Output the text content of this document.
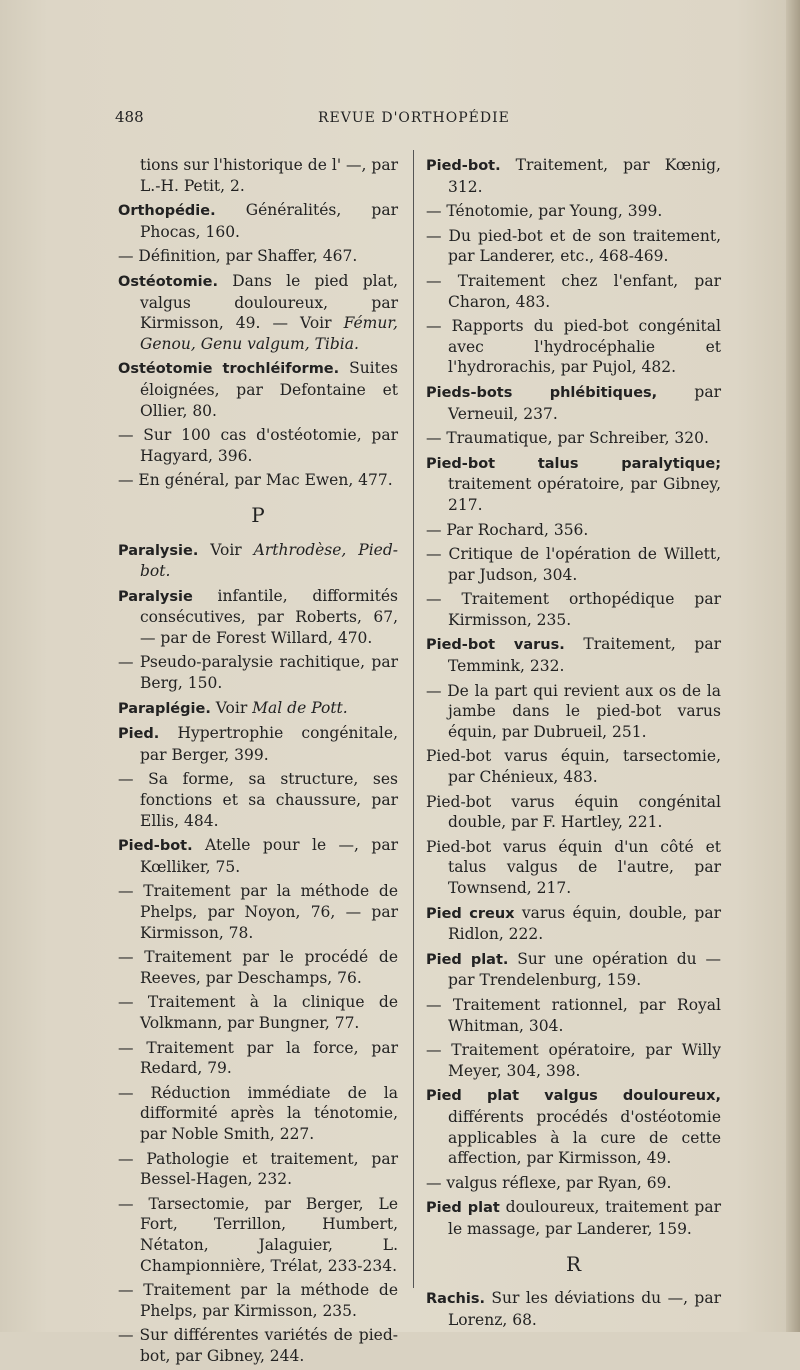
488	REVUE D'ORTHOPÉDIE

tions sur l'historique de l' —, par L.-H. Petit, 2.

Orthopédie. Généralités, par Phocas, 160.

— Définition, par Shaffer, 467.

Ostéotomie. Dans le pied plat, valgus douloureux, par Kirmisson, 49. — Voir Fémur, Genou, Genu valgum, Tibia.

Ostéotomie trochléiforme. Suites éloignées, par Defontaine et Ollier, 80.

— Sur 100 cas d'ostéotomie, par Hagyard, 396.

— En général, par Mac Ewen, 477.

P

Paralysie. Voir Arthrodèse, Pied-bot.

Paralysie infantile, difformités consécutives, par Roberts, 67, — par de Forest Willard, 470.

— Pseudo-paralysie rachitique, par Berg, 150.

Paraplégie. Voir Mal de Pott.

Pied. Hypertrophie congénitale, par Berger, 399.

— Sa forme, sa structure, ses fonctions et sa chaussure, par Ellis, 484.

Pied-bot. Atelle pour le —, par Kœlliker, 75.

— Traitement par la méthode de Phelps, par Noyon, 76, — par Kirmisson, 78.

— Traitement par le procédé de Reeves, par Deschamps, 76.

— Traitement à la clinique de Volkmann, par Bungner, 77.

— Traitement par la force, par Redard, 79.

— Réduction immédiate de la difformité après la ténotomie, par Noble Smith, 227.

— Pathologie et traitement, par Bessel-Hagen, 232.

— Tarsectomie, par Berger, Le Fort, Terrillon, Humbert, Nétaton, Jalaguier, L. Championnière, Trélat, 233-234.

— Traitement par la méthode de Phelps, par Kirmisson, 235.

— Sur différentes variétés de pied-bot, par Gibney, 244.

Pied-bot. Traitement, par Kœnig, 312.

— Ténotomie, par Young, 399.

— Du pied-bot et de son traitement, par Landerer, etc., 468-469.

— Traitement chez l'enfant, par Charon, 483.

— Rapports du pied-bot congénital avec l'hydrocéphalie et l'hydrorachis, par Pujol, 482.

Pieds-bots phlébitiques, par Verneuil, 237.

— Traumatique, par Schreiber, 320.

Pied-bot talus paralytique; traitement opératoire, par Gibney, 217.

— Par Rochard, 356.

— Critique de l'opération de Willett, par Judson, 304.

— Traitement orthopédique par Kirmisson, 235.

Pied-bot varus. Traitement, par Temmink, 232.

— De la part qui revient aux os de la jambe dans le pied-bot varus équin, par Dubrueil, 251.

Pied-bot varus équin, tarsectomie, par Chénieux, 483.

Pied-bot varus équin congénital double, par F. Hartley, 221.

Pied-bot varus équin d'un côté et talus valgus de l'autre, par Townsend, 217.

Pied creux varus équin, double, par Ridlon, 222.

Pied plat. Sur une opération du — par Trendelenburg, 159.

— Traitement rationnel, par Royal Whitman, 304.

— Traitement opératoire, par Willy Meyer, 304, 398.

Pied plat valgus douloureux, différents procédés d'ostéotomie applicables à la cure de cette affection, par Kirmisson, 49.

— valgus réflexe, par Ryan, 69.

Pied plat douloureux, traitement par le massage, par Landerer, 159.

R

Rachis. Sur les déviations du —, par Lorenz, 68.
